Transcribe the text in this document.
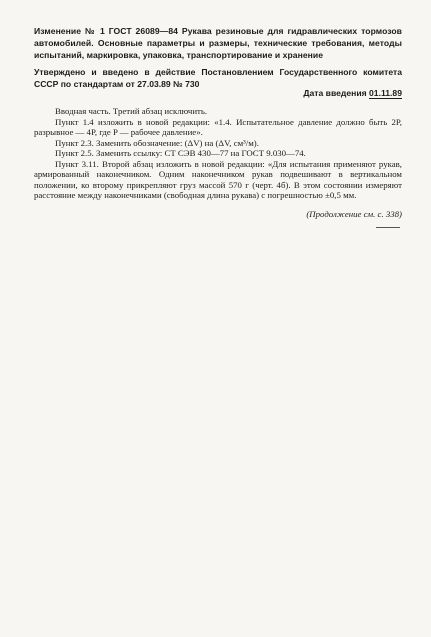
Изменение № 1 ГОСТ 26089—84 Рукава резиновые для гидравлических тормозов автомобилей. Основные параметры и размеры, технические требования, методы испытаний, маркировка, упаковка, транспортирование и хранение
Утверждено и введено в действие Постановлением Государственного комитета СССР по стандартам от 27.03.89 № 730
Дата введения 01.11.89

Вводная часть. Третий абзац исключить.

Пункт 1.4 изложить в новой редакции: «1.4. Испытательное давление должно быть 2P, разрывное — 4P, где P — рабочее давление».

Пункт 2.3. Заменить обозначение: (ΔV) на (ΔV, см³/м).

Пункт 2.5. Заменить ссылку: СТ СЭВ 430—77 на ГОСТ 9.030—74.

Пункт 3.11. Второй абзац изложить в новой редакции: «Для испытания применяют рукав, армированный наконечником. Одним наконечником рукав подвешивают в вертикальном положении, ко второму прикрепляют груз массой 570 г (черт. 4б). В этом состоянии измеряют расстояние между наконечниками (свободная длина рукава) с погрешностью ±0,5 мм.

(Продолжение см. с. 338)
